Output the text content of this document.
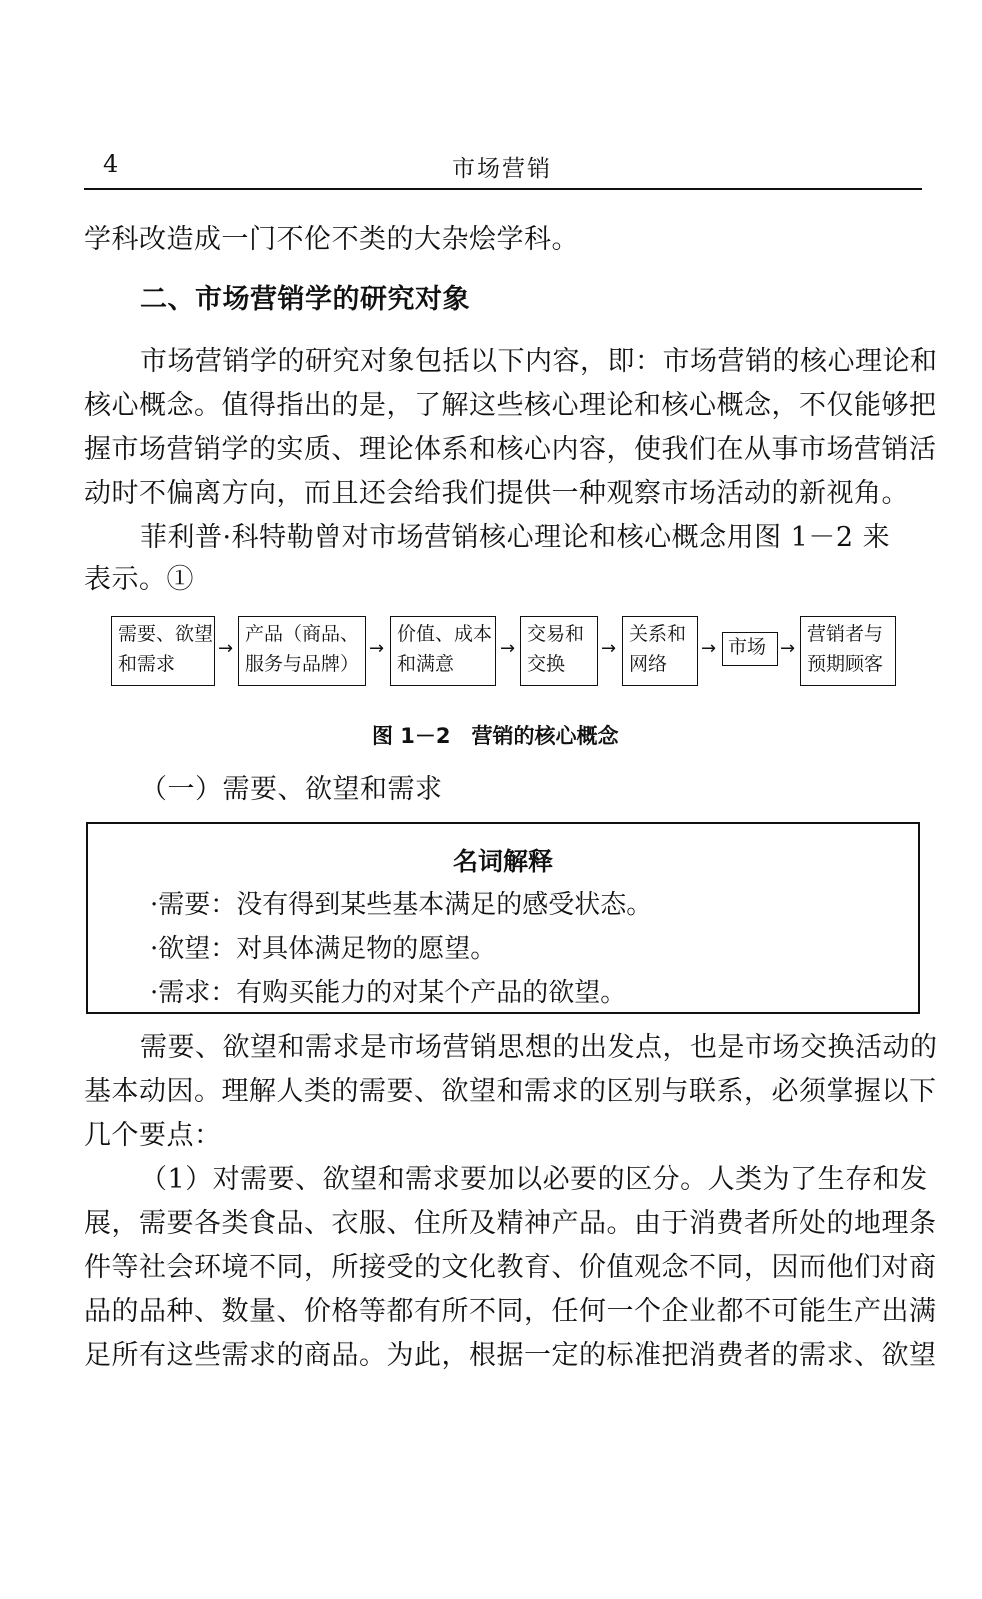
4	市场营销
学科改造成一门不伦不类的大杂烩学科。
二、市场营销学的研究对象
市场营销学的研究对象包括以下内容，即：市场营销的核心理论和
核心概念。值得指出的是，了解这些核心理论和核心概念，不仅能够把
握市场营销学的实质、理论体系和核心内容，使我们在从事市场营销活
动时不偏离方向，而且还会给我们提供一种观察市场活动的新视角。
菲利普·科特勒曾对市场营销核心理论和核心概念用图 1－2 来
表示。①
需要、欲望
和需求
→
产品（商品、
服务与品牌）
→
价值、成本
和满意
→
交易和
交换
→
关系和
网络
→ 市场 →
营销者与
预期顾客
图 1－2　营销的核心概念
（一）需要、欲望和需求
名词解释
·需要：没有得到某些基本满足的感受状态。
·欲望：对具体满足物的愿望。
·需求：有购买能力的对某个产品的欲望。
需要、欲望和需求是市场营销思想的出发点，也是市场交换活动的
基本动因。理解人类的需要、欲望和需求的区别与联系，必须掌握以下
几个要点：
（1）对需要、欲望和需求要加以必要的区分。人类为了生存和发
展，需要各类食品、衣服、住所及精神产品。由于消费者所处的地理条
件等社会环境不同，所接受的文化教育、价值观念不同，因而他们对商
品的品种、数量、价格等都有所不同，任何一个企业都不可能生产出满
足所有这些需求的商品。为此，根据一定的标准把消费者的需求、欲望
